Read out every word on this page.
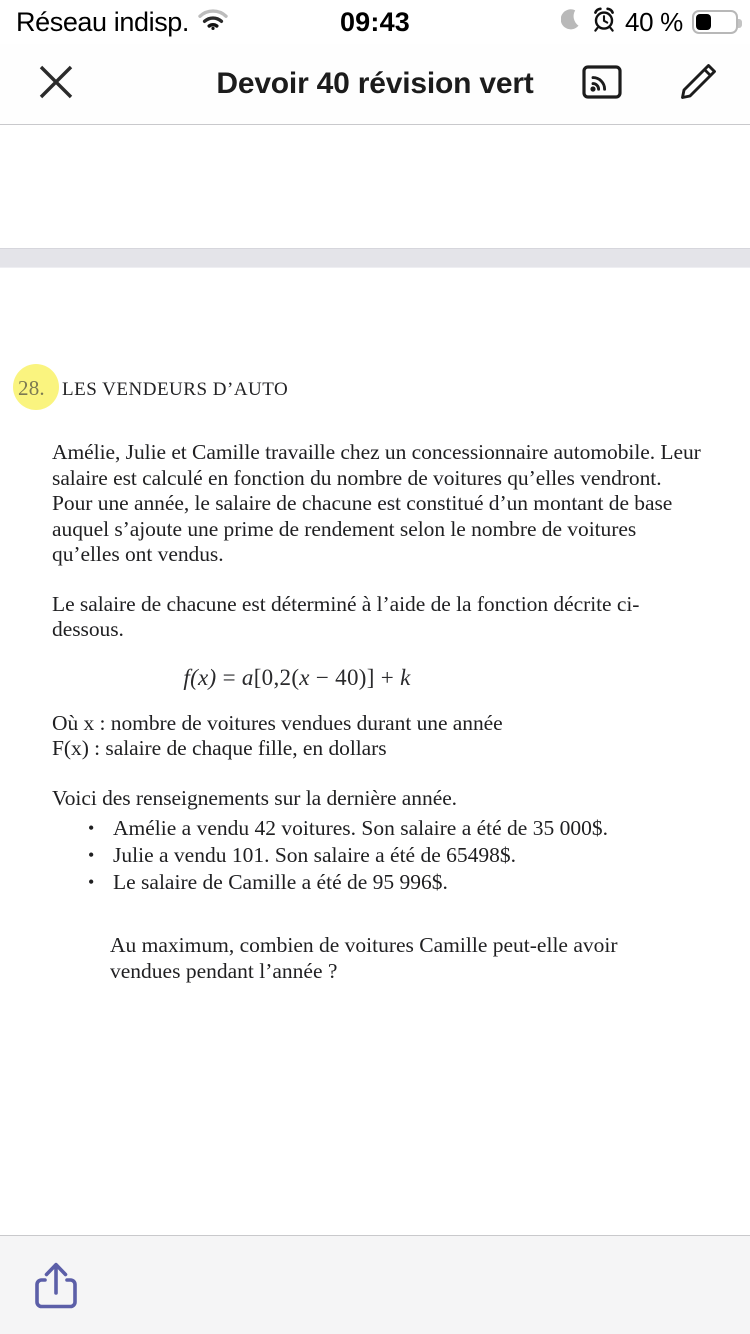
Réseau indisp.	09:43	40 %
Devoir 40 révision vert
28. LES VENDEURS D’AUTO

Amélie, Julie et Camille travaille chez un concessionnaire automobile. Leur salaire est calculé en fonction du nombre de voitures qu’elles vendront. Pour une année, le salaire de chacune est constitué d’un montant de base auquel s’ajoute une prime de rendement selon le nombre de voitures qu’elles ont vendus.

Le salaire de chacune est déterminé à l’aide de la fonction décrite ci-dessous.

f(x) = a[0,2(x − 40)] + k

Où x : nombre de voitures vendues durant une année

F(x) : salaire de chaque fille, en dollars

Voici des renseignements sur la dernière année.

• Amélie a vendu 42 voitures. Son salaire a été de 35 000$.
• Julie a vendu 101. Son salaire a été de 65498$.
• Le salaire de Camille a été de 95 996$.

Au maximum, combien de voitures Camille peut-elle avoir vendues pendant l’année ?
